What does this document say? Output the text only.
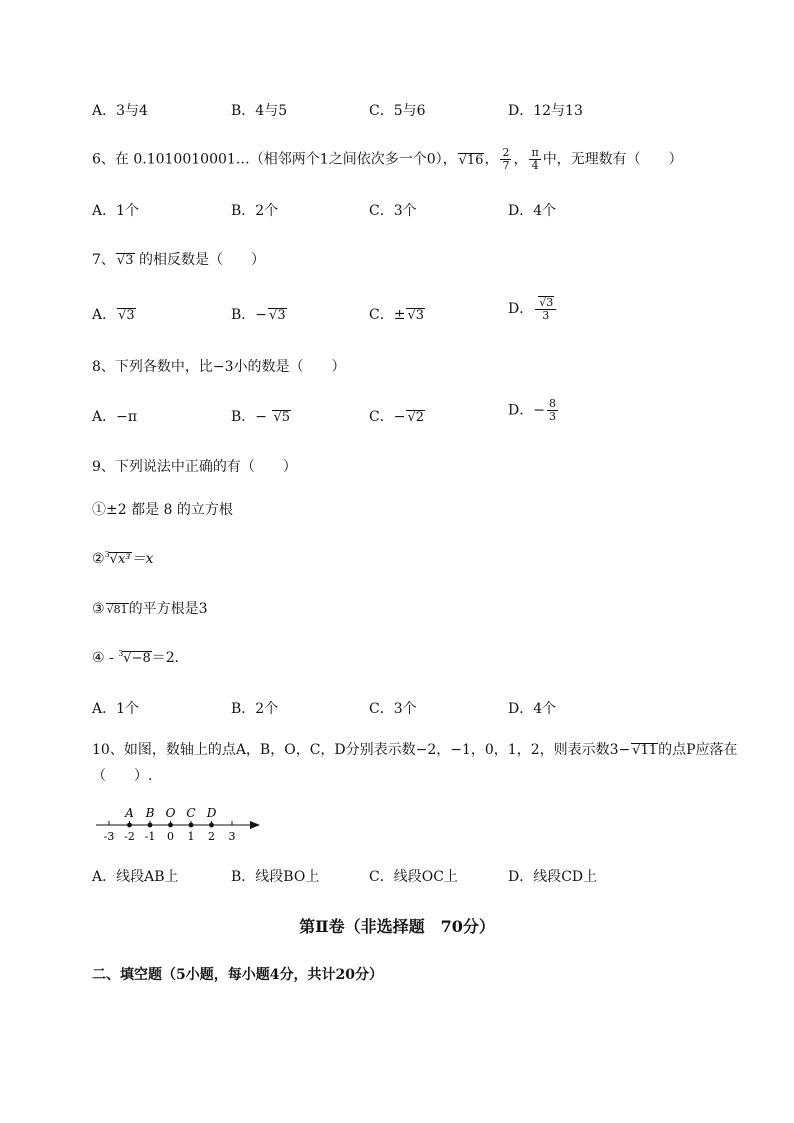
A．3与4	B．4与5	C．5与6	D．12与13
6、在 0.1010010001…（相邻两个1之间依次多一个0）， √16， $\frac{2}{7}$ ， $\frac{\pi}{4}$ 中，无理数有（　　）
A．1个	B．2个	C．3个	D．4个
7、 √3 的相反数是（　　）
A． √3	B．− √3	C．± √3	D． $\frac{√3}{3}$
8、下列各数中，比−3小的数是（　　）
A．−π	B．− √5	C．− √2	D．− $\frac{8}{3}$
9、下列说法中正确的有（　　）
①±2 都是 8 的立方根
②$^3$√x³＝x
③ √81的平方根是3
④ - $^3$√−8＝2.
A．1个	B．2个	C．3个	D．4个
10、如图，数轴上的点A，B，O，C，D分别表示数−2，−1，0，1，2，则表示数3− √11的点P应落在
（　　）.
-3 -2 -1 0 1 2 3
A B O C D
A．线段AB上	B．线段BO上	C．线段OC上	D．线段CD上
第Ⅱ卷（非选择题　70分）
二、填空题（5小题，每小题4分，共计20分）
